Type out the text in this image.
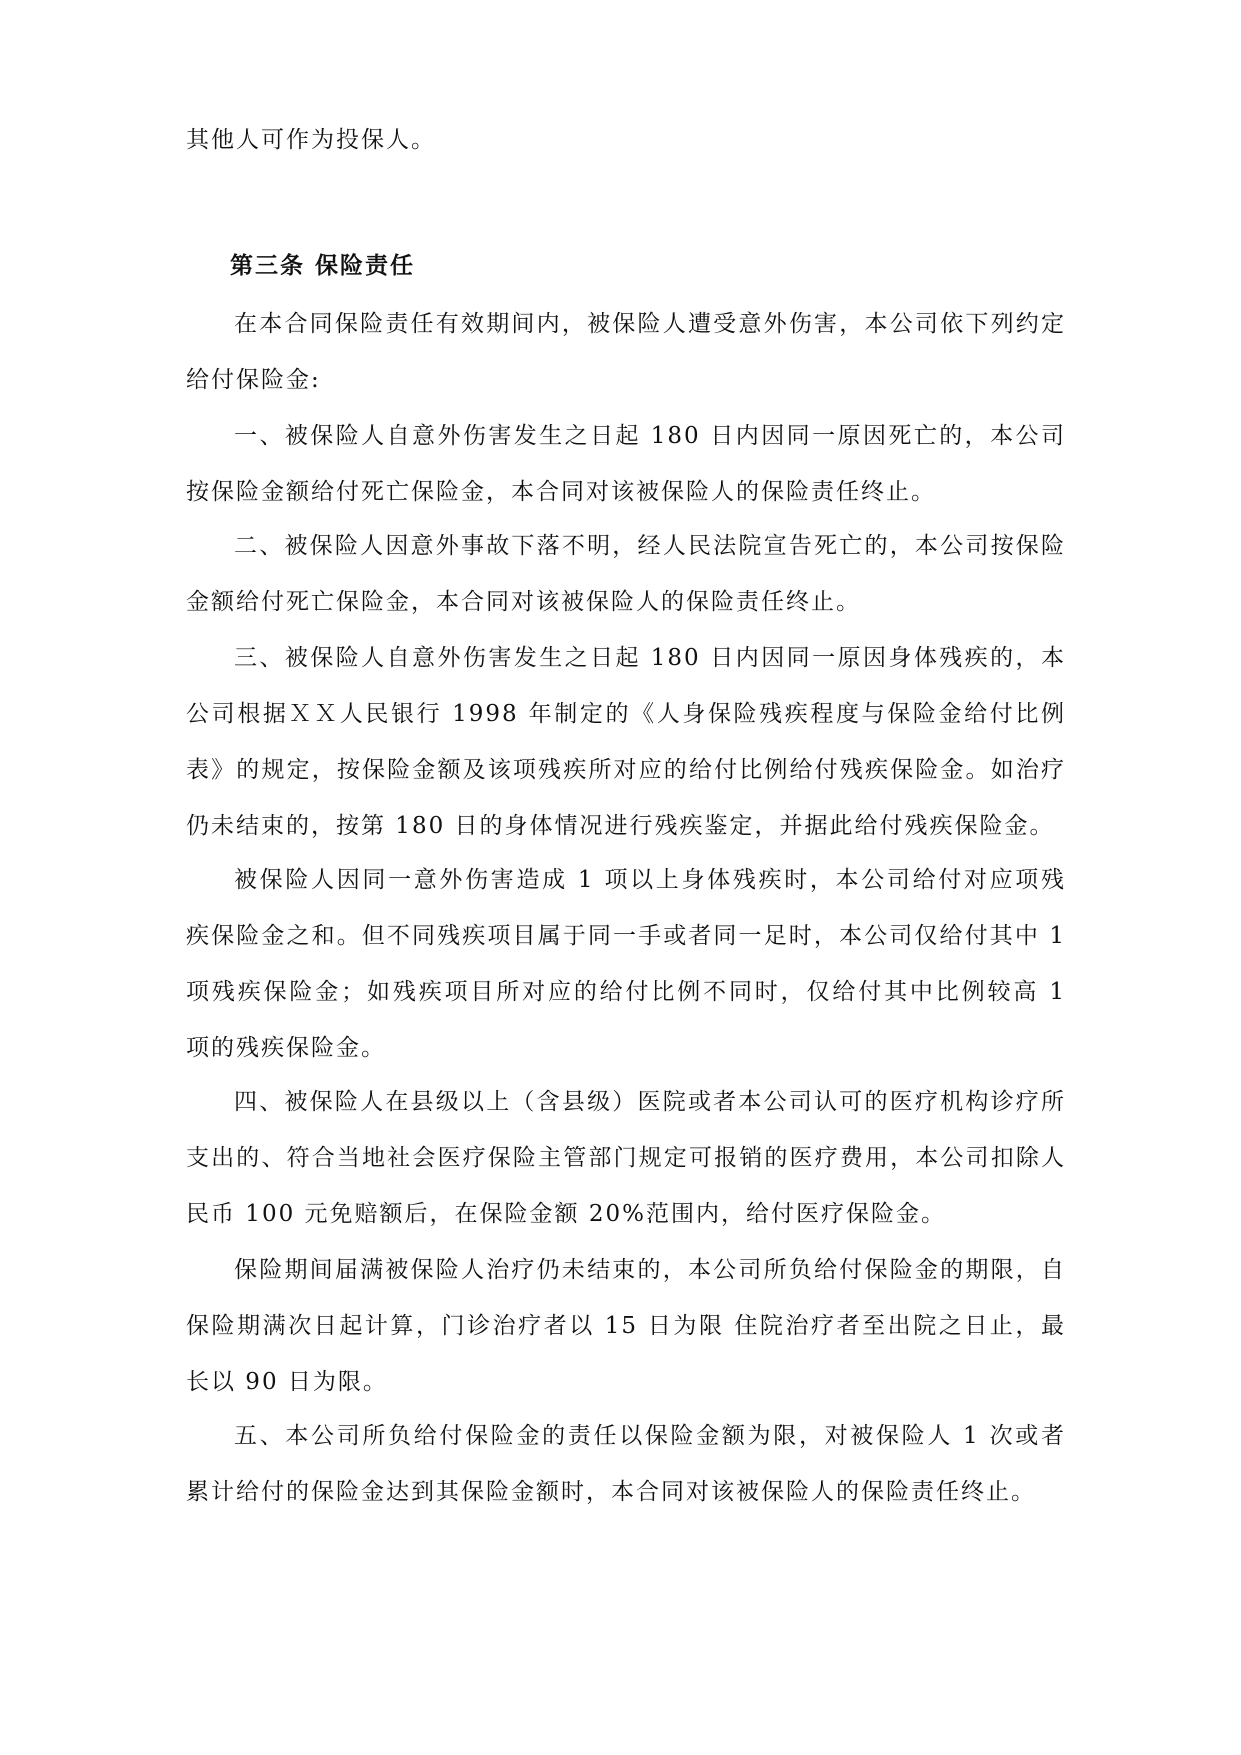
其他人可作为投保人。

第三条 保险责任

在本合同保险责任有效期间内，被保险人遭受意外伤害，本公司依下列约定给付保险金:

一、被保险人自意外伤害发生之日起 180 日内因同一原因死亡的，本公司按保险金额给付死亡保险金，本合同对该被保险人的保险责任终止。

二、被保险人因意外事故下落不明，经人民法院宣告死亡的，本公司按保险金额给付死亡保险金，本合同对该被保险人的保险责任终止。

三、被保险人自意外伤害发生之日起 180 日内因同一原因身体残疾的，本公司根据ＸＸ人民银行 1998 年制定的《人身保险残疾程度与保险金给付比例表》的规定，按保险金额及该项残疾所对应的给付比例给付残疾保险金。如治疗仍未结束的，按第 180 日的身体情况进行残疾鉴定，并据此给付残疾保险金。

被保险人因同一意外伤害造成 1 项以上身体残疾时，本公司给付对应项残疾保险金之和。但不同残疾项目属于同一手或者同一足时，本公司仅给付其中 1 项残疾保险金；如残疾项目所对应的给付比例不同时，仅给付其中比例较高 1 项的残疾保险金。

四、被保险人在县级以上（含县级）医院或者本公司认可的医疗机构诊疗所支出的、符合当地社会医疗保险主管部门规定可报销的医疗费用，本公司扣除人民币 100 元免赔额后，在保险金额 20%范围内，给付医疗保险金。

保险期间届满被保险人治疗仍未结束的，本公司所负给付保险金的期限，自保险期满次日起计算，门诊治疗者以 15 日为限 住院治疗者至出院之日止，最长以 90 日为限。

五、本公司所负给付保险金的责任以保险金额为限，对被保险人 1 次或者累计给付的保险金达到其保险金额时，本合同对该被保险人的保险责任终止。
